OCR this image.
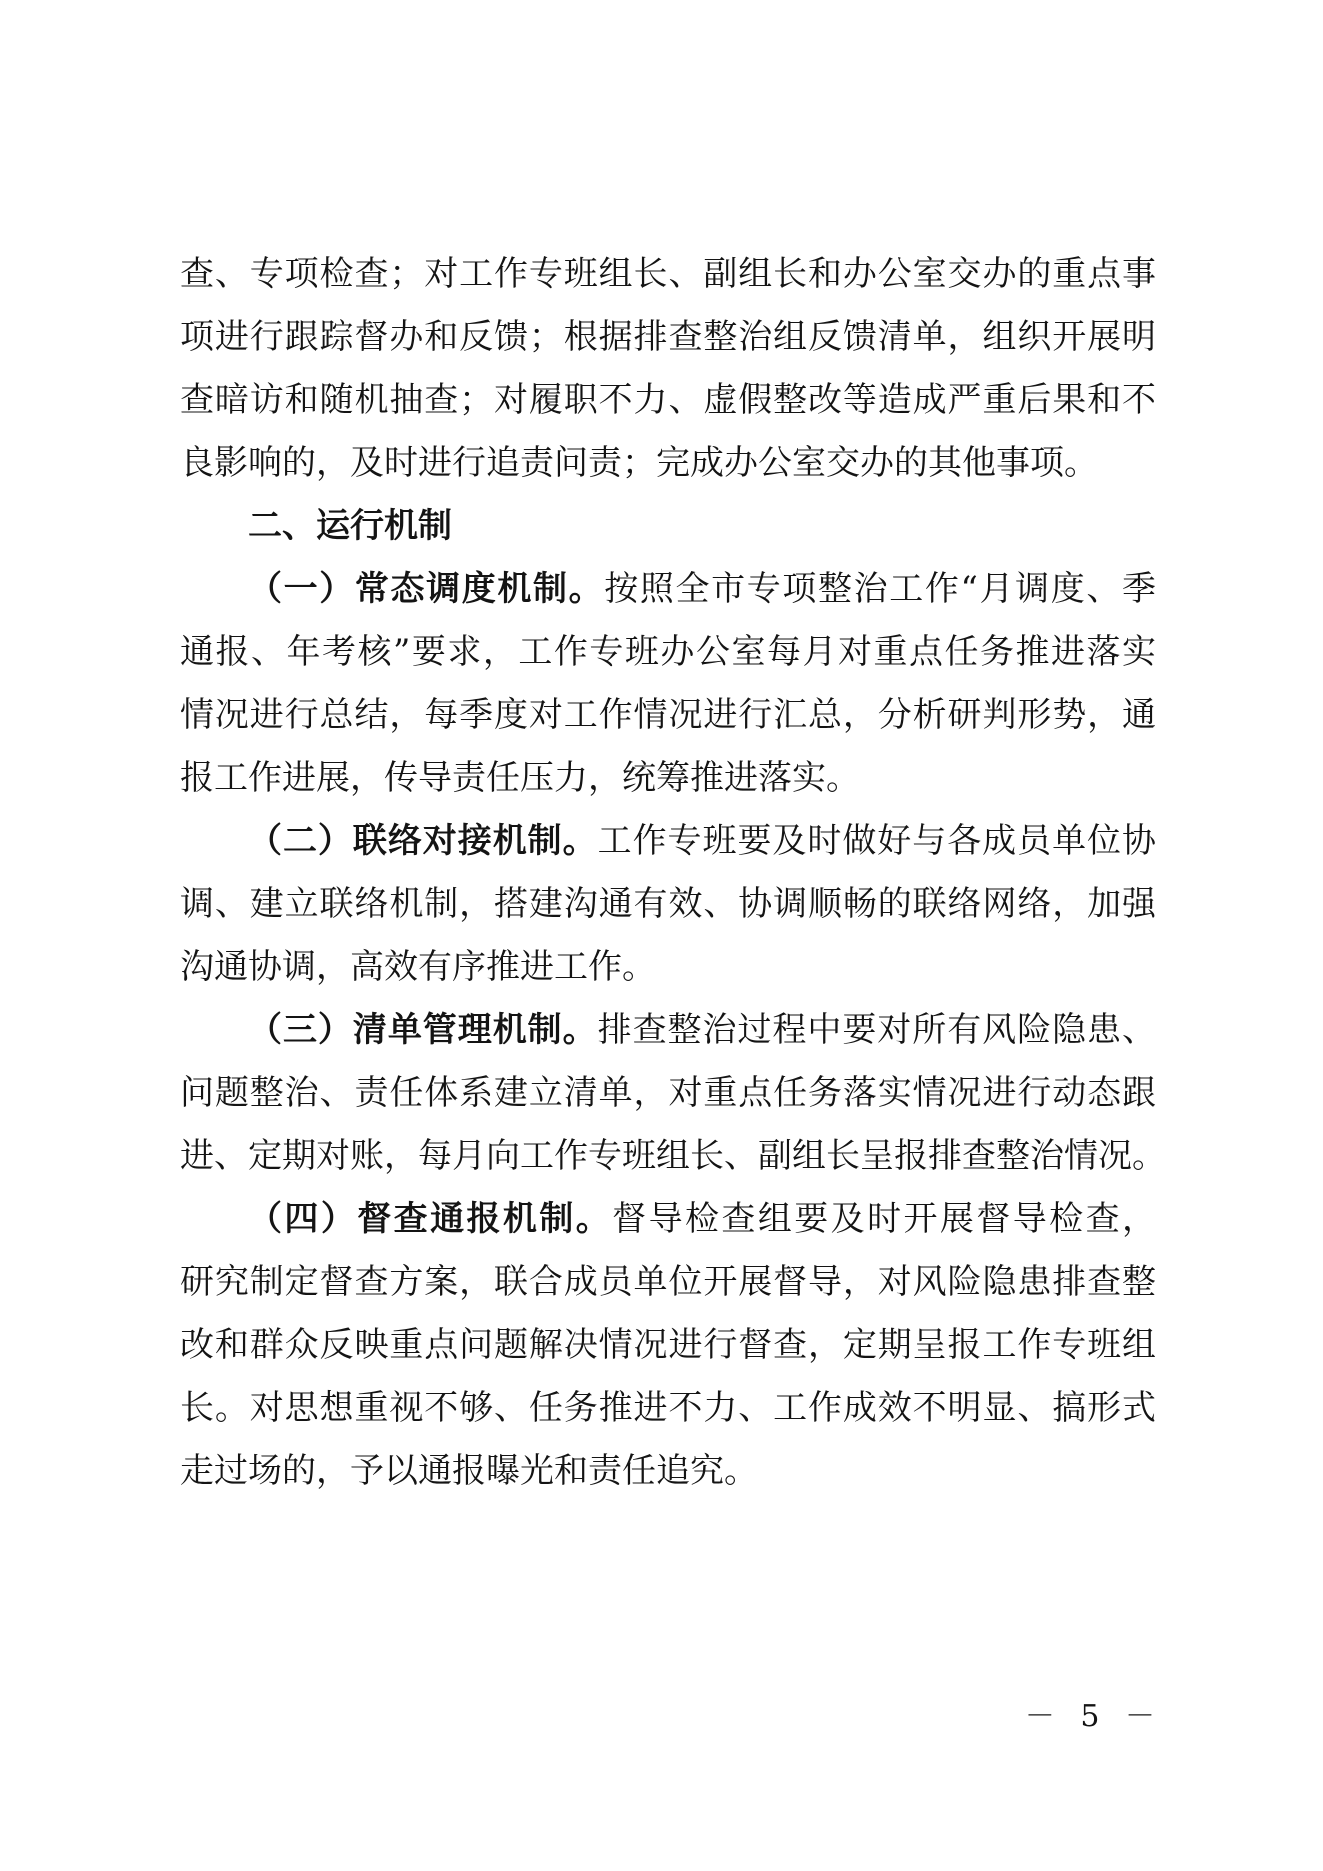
查、专项检查；对工作专班组长、副组长和办公室交办的重点事
项进行跟踪督办和反馈；根据排查整治组反馈清单，组织开展明
查暗访和随机抽查；对履职不力、虚假整改等造成严重后果和不
良影响的，及时进行追责问责；完成办公室交办的其他事项。
二、运行机制
（一）常态调度机制。按照全市专项整治工作“月调度、季
通报、年考核”要求，工作专班办公室每月对重点任务推进落实
情况进行总结，每季度对工作情况进行汇总，分析研判形势，通
报工作进展，传导责任压力，统筹推进落实。
（二）联络对接机制。工作专班要及时做好与各成员单位协
调、建立联络机制，搭建沟通有效、协调顺畅的联络网络，加强
沟通协调，高效有序推进工作。
（三）清单管理机制。排查整治过程中要对所有风险隐患、
问题整治、责任体系建立清单，对重点任务落实情况进行动态跟
进、定期对账，每月向工作专班组长、副组长呈报排查整治情况。
（四）督查通报机制。督导检查组要及时开展督导检查，
研究制定督查方案，联合成员单位开展督导，对风险隐患排查整
改和群众反映重点问题解决情况进行督查，定期呈报工作专班组
长。对思想重视不够、任务推进不力、工作成效不明显、搞形式
走过场的，予以通报曝光和责任追究。
－ 5 －
